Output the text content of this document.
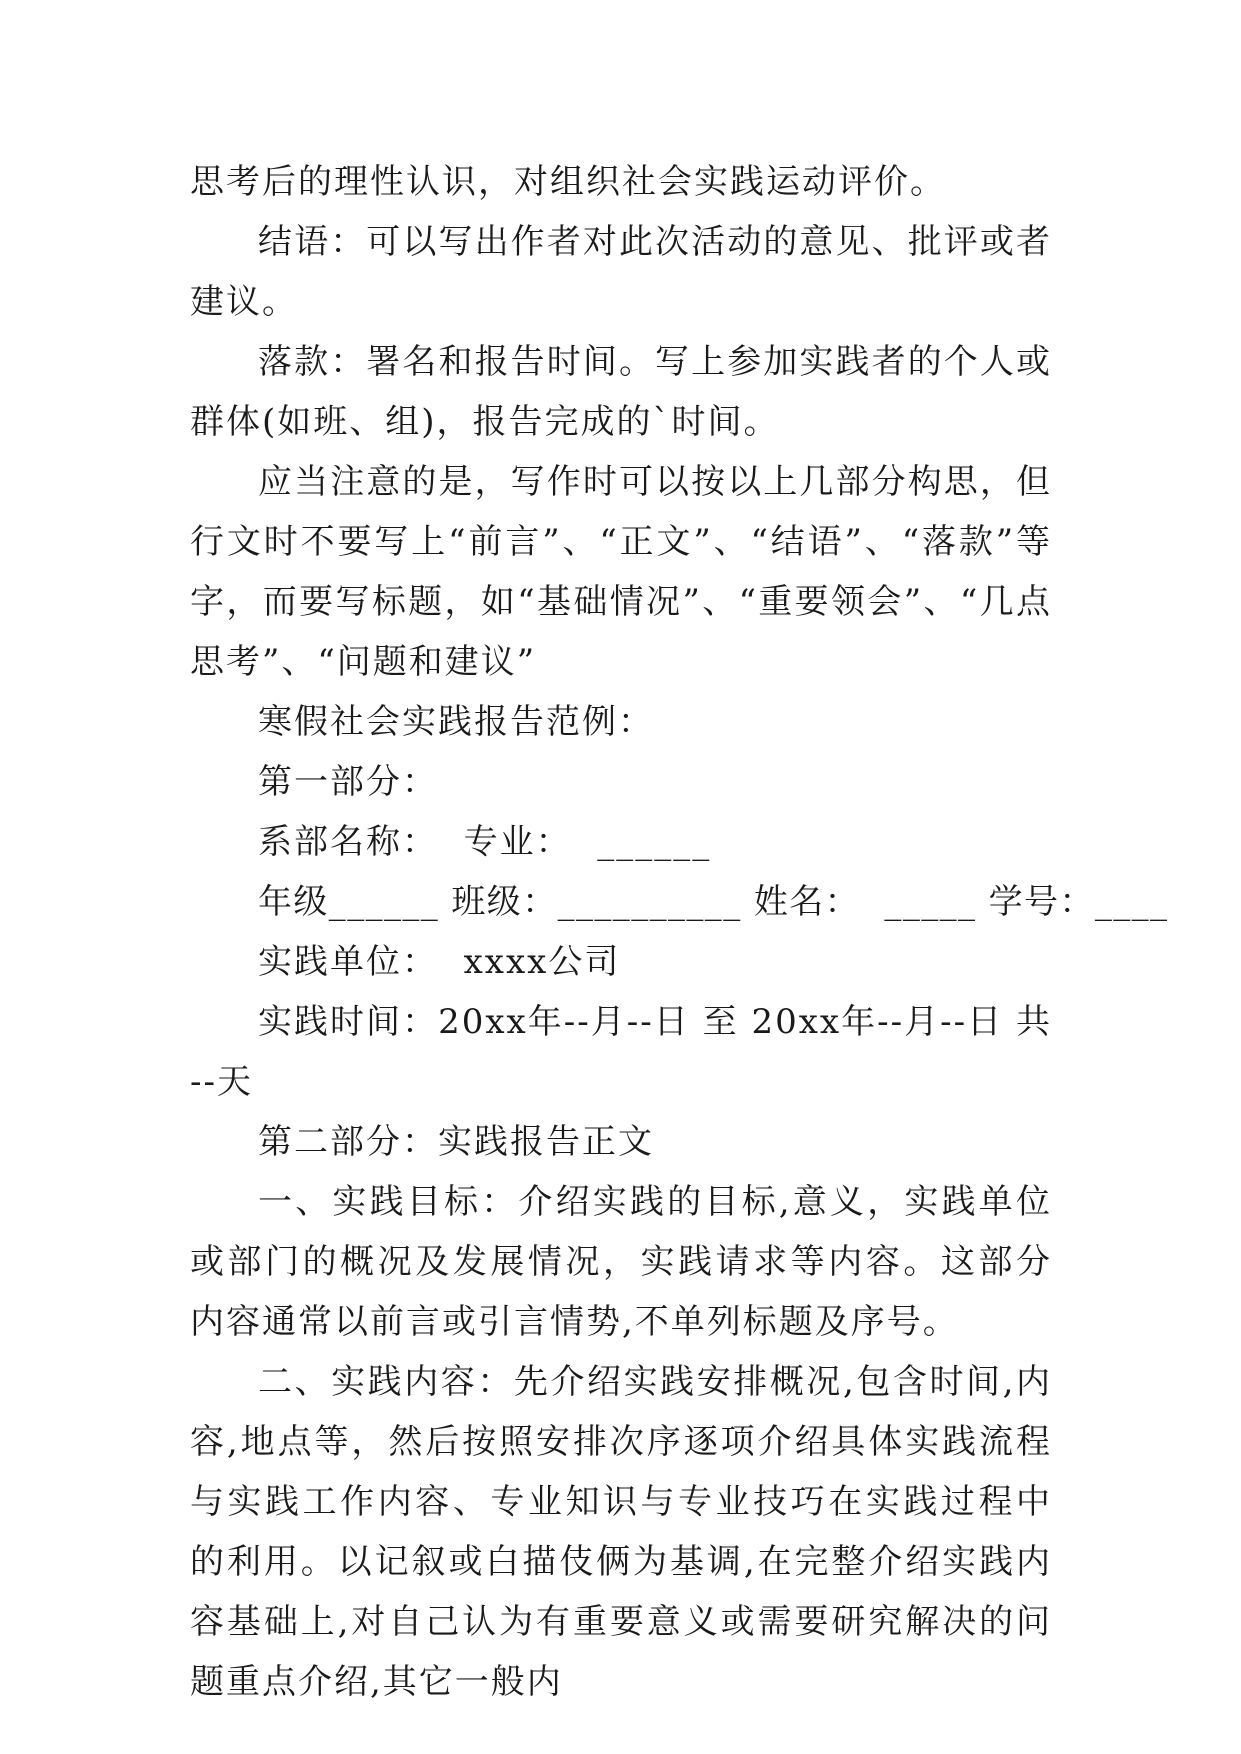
思考后的理性认识，对组织社会实践运动评价。

结语：可以写出作者对此次活动的意见、批评或者建议。

落款：署名和报告时间。写上参加实践者的个人或群体(如班、组)，报告完成的`时间。

应当注意的是，写作时可以按以上几部分构思，但行文时不要写上“前言”、“正文”、“结语”、“落款”等字，而要写标题，如“基础情况”、“重要领会”、“几点思考”、“问题和建议”

寒假社会实践报告范例：

第一部分：

系部名称：  专业：  ______

年级______ 班级：__________ 姓名：  _____ 学号：____

实践单位：  xxxx公司

实践时间：20xx年--月--日 至 20xx年--月--日 共 --天

第二部分：实践报告正文

一、实践目标：介绍实践的目标,意义，实践单位或部门的概况及发展情况，实践请求等内容。这部分内容通常以前言或引言情势,不单列标题及序号。

二、实践内容：先介绍实践安排概况,包含时间,内容,地点等，然后按照安排次序逐项介绍具体实践流程与实践工作内容、专业知识与专业技巧在实践过程中的利用。以记叙或白描伎俩为基调,在完整介绍实践内容基础上,对自己认为有重要意义或需要研究解决的问题重点介绍,其它一般内
